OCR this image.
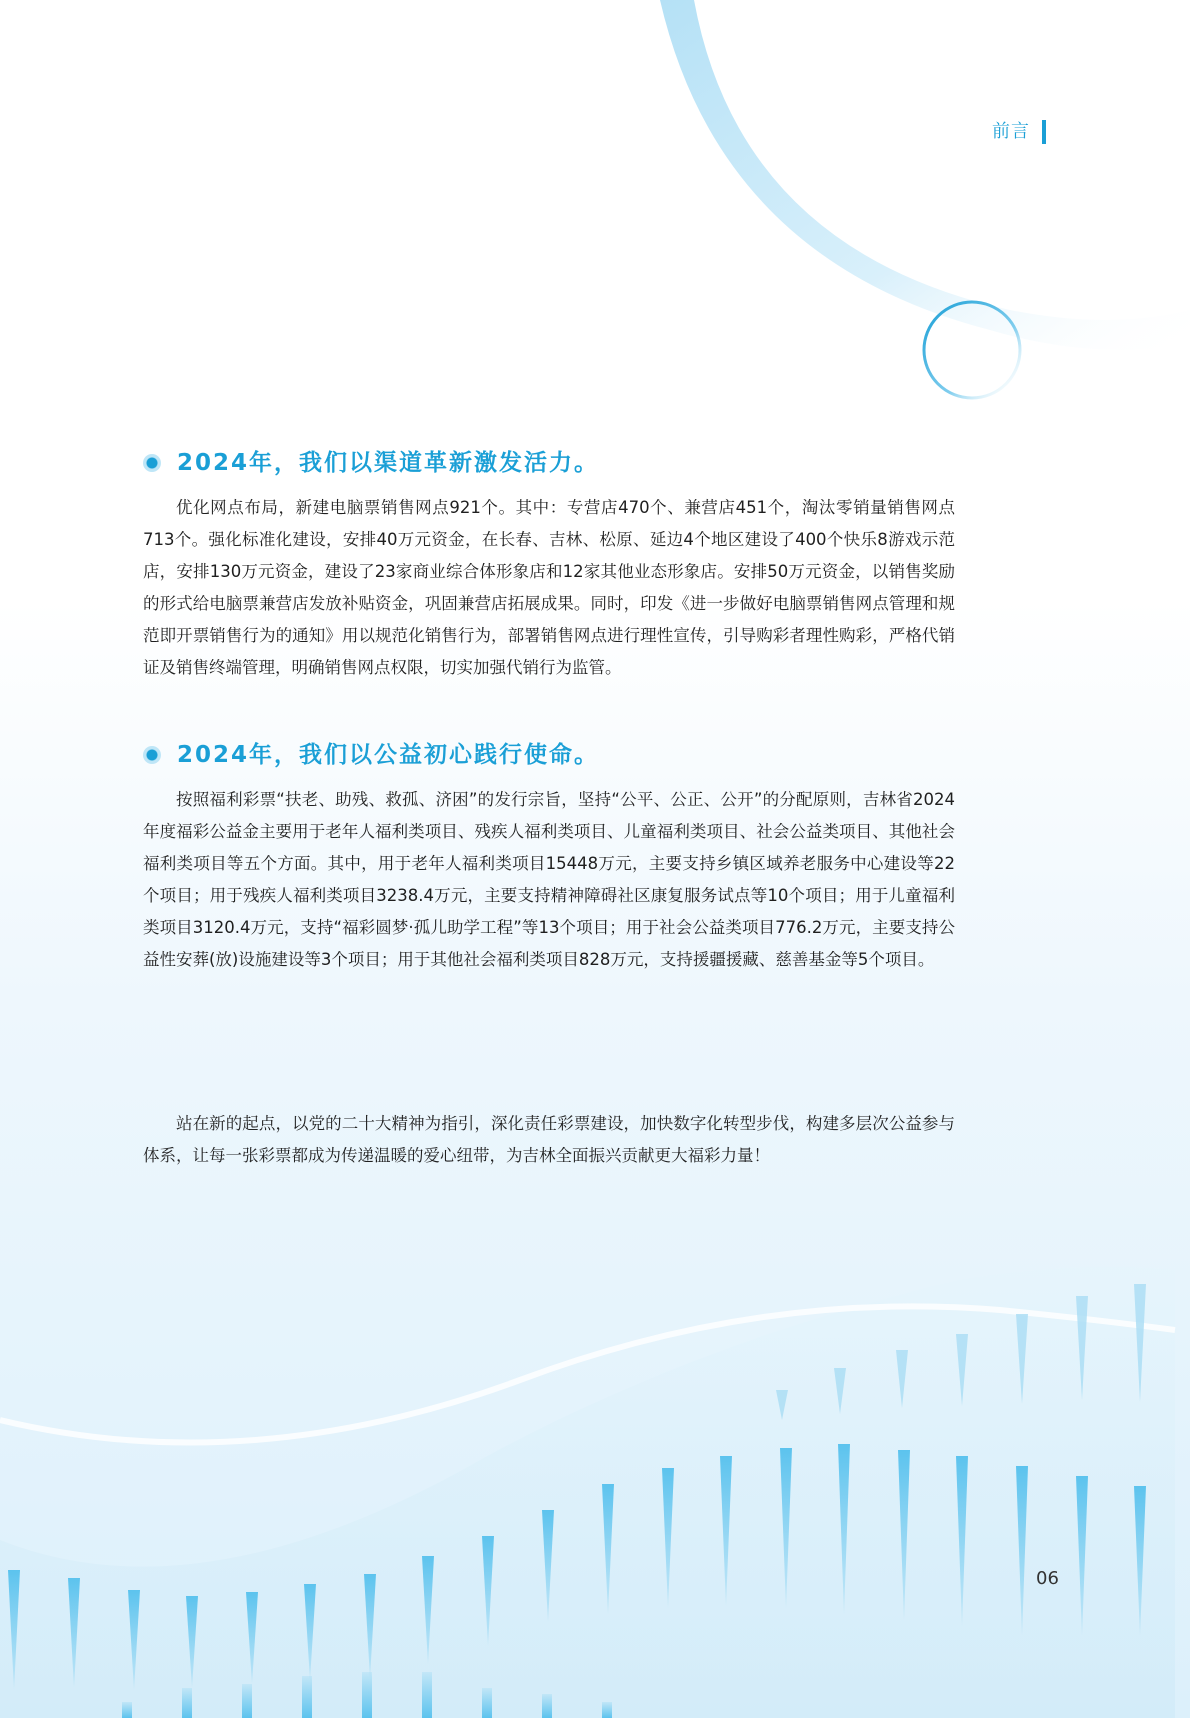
前言
2024年，我们以渠道革新激发活力。

优化网点布局，新建电脑票销售网点921个。其中：专营店470个、兼营店451个，淘汰零销量销售网点713个。强化标准化建设，安排40万元资金，在长春、吉林、松原、延边4个地区建设了400个快乐8游戏示范店，安排130万元资金，建设了23家商业综合体形象店和12家其他业态形象店。安排50万元资金，以销售奖励的形式给电脑票兼营店发放补贴资金，巩固兼营店拓展成果。同时，印发《进一步做好电脑票销售网点管理和规范即开票销售行为的通知》用以规范化销售行为，部署销售网点进行理性宣传，引导购彩者理性购彩，严格代销证及销售终端管理，明确销售网点权限，切实加强代销行为监管。

2024年，我们以公益初心践行使命。

按照福利彩票“扶老、助残、救孤、济困”的发行宗旨，坚持“公平、公正、公开”的分配原则，吉林省2024年度福彩公益金主要用于老年人福利类项目、残疾人福利类项目、儿童福利类项目、社会公益类项目、其他社会福利类项目等五个方面。其中，用于老年人福利类项目15448万元，主要支持乡镇区域养老服务中心建设等22个项目；用于残疾人福利类项目3238.4万元，主要支持精神障碍社区康复服务试点等10个项目；用于儿童福利类项目3120.4万元，支持“福彩圆梦·孤儿助学工程”等13个项目；用于社会公益类项目776.2万元，主要支持公益性安葬(放)设施建设等3个项目；用于其他社会福利类项目828万元，支持援疆援藏、慈善基金等5个项目。

站在新的起点，以党的二十大精神为指引，深化责任彩票建设，加快数字化转型步伐，构建多层次公益参与体系，让每一张彩票都成为传递温暖的爱心纽带，为吉林全面振兴贡献更大福彩力量！

06
